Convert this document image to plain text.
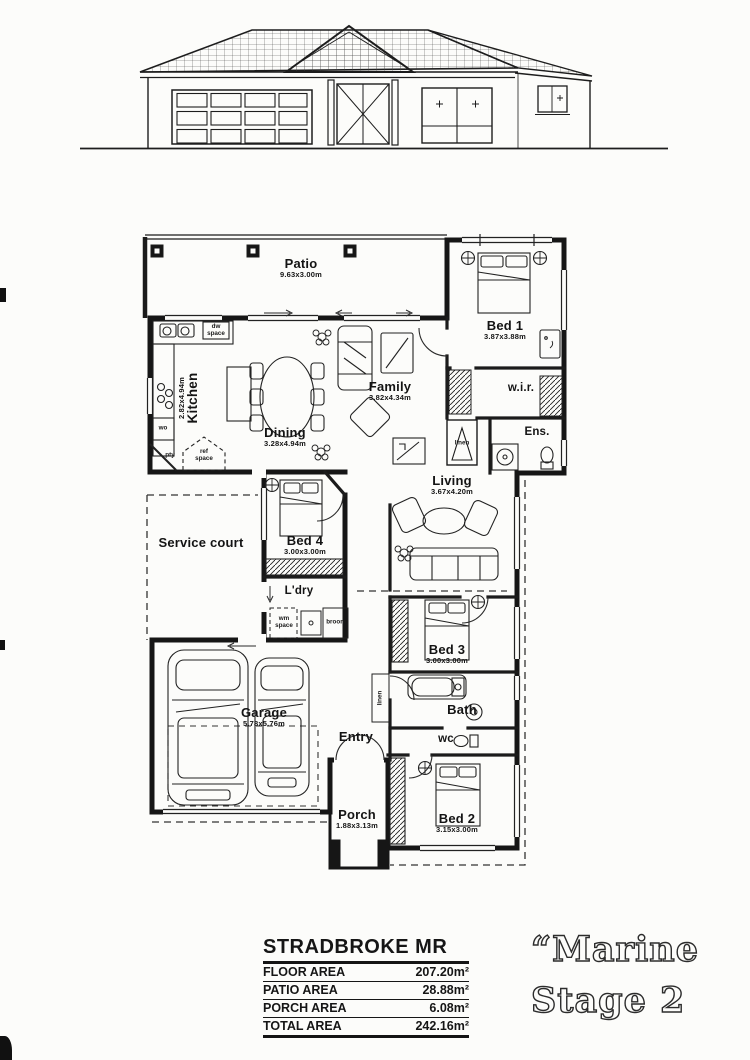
Patio
9.63x3.00m
2.82x4.94m
Kitchen
Dining
3.28x4.94m
Family
3.82x4.34m
Bed 1
3.87x3.88m
w.i.r.
Ens.
Living
3.67x4.20m
Bed 4
3.00x3.00m
Service court
L'dry
Bed 3
3.00x3.00m
Garage
5.78x5.76m
Entry
Bath
wc
Porch
1.88x3.13m	Bed 2
3.15x3.00m
dw space
wo
pty	ref space
linen
linen
wm space	broom
STRADBROKE MR
FLOOR AREA	207.20m²
PATIO AREA	28.88m²
PORCH AREA	6.08m²
TOTAL AREA	242.16m²
“Marine
Stage 2
